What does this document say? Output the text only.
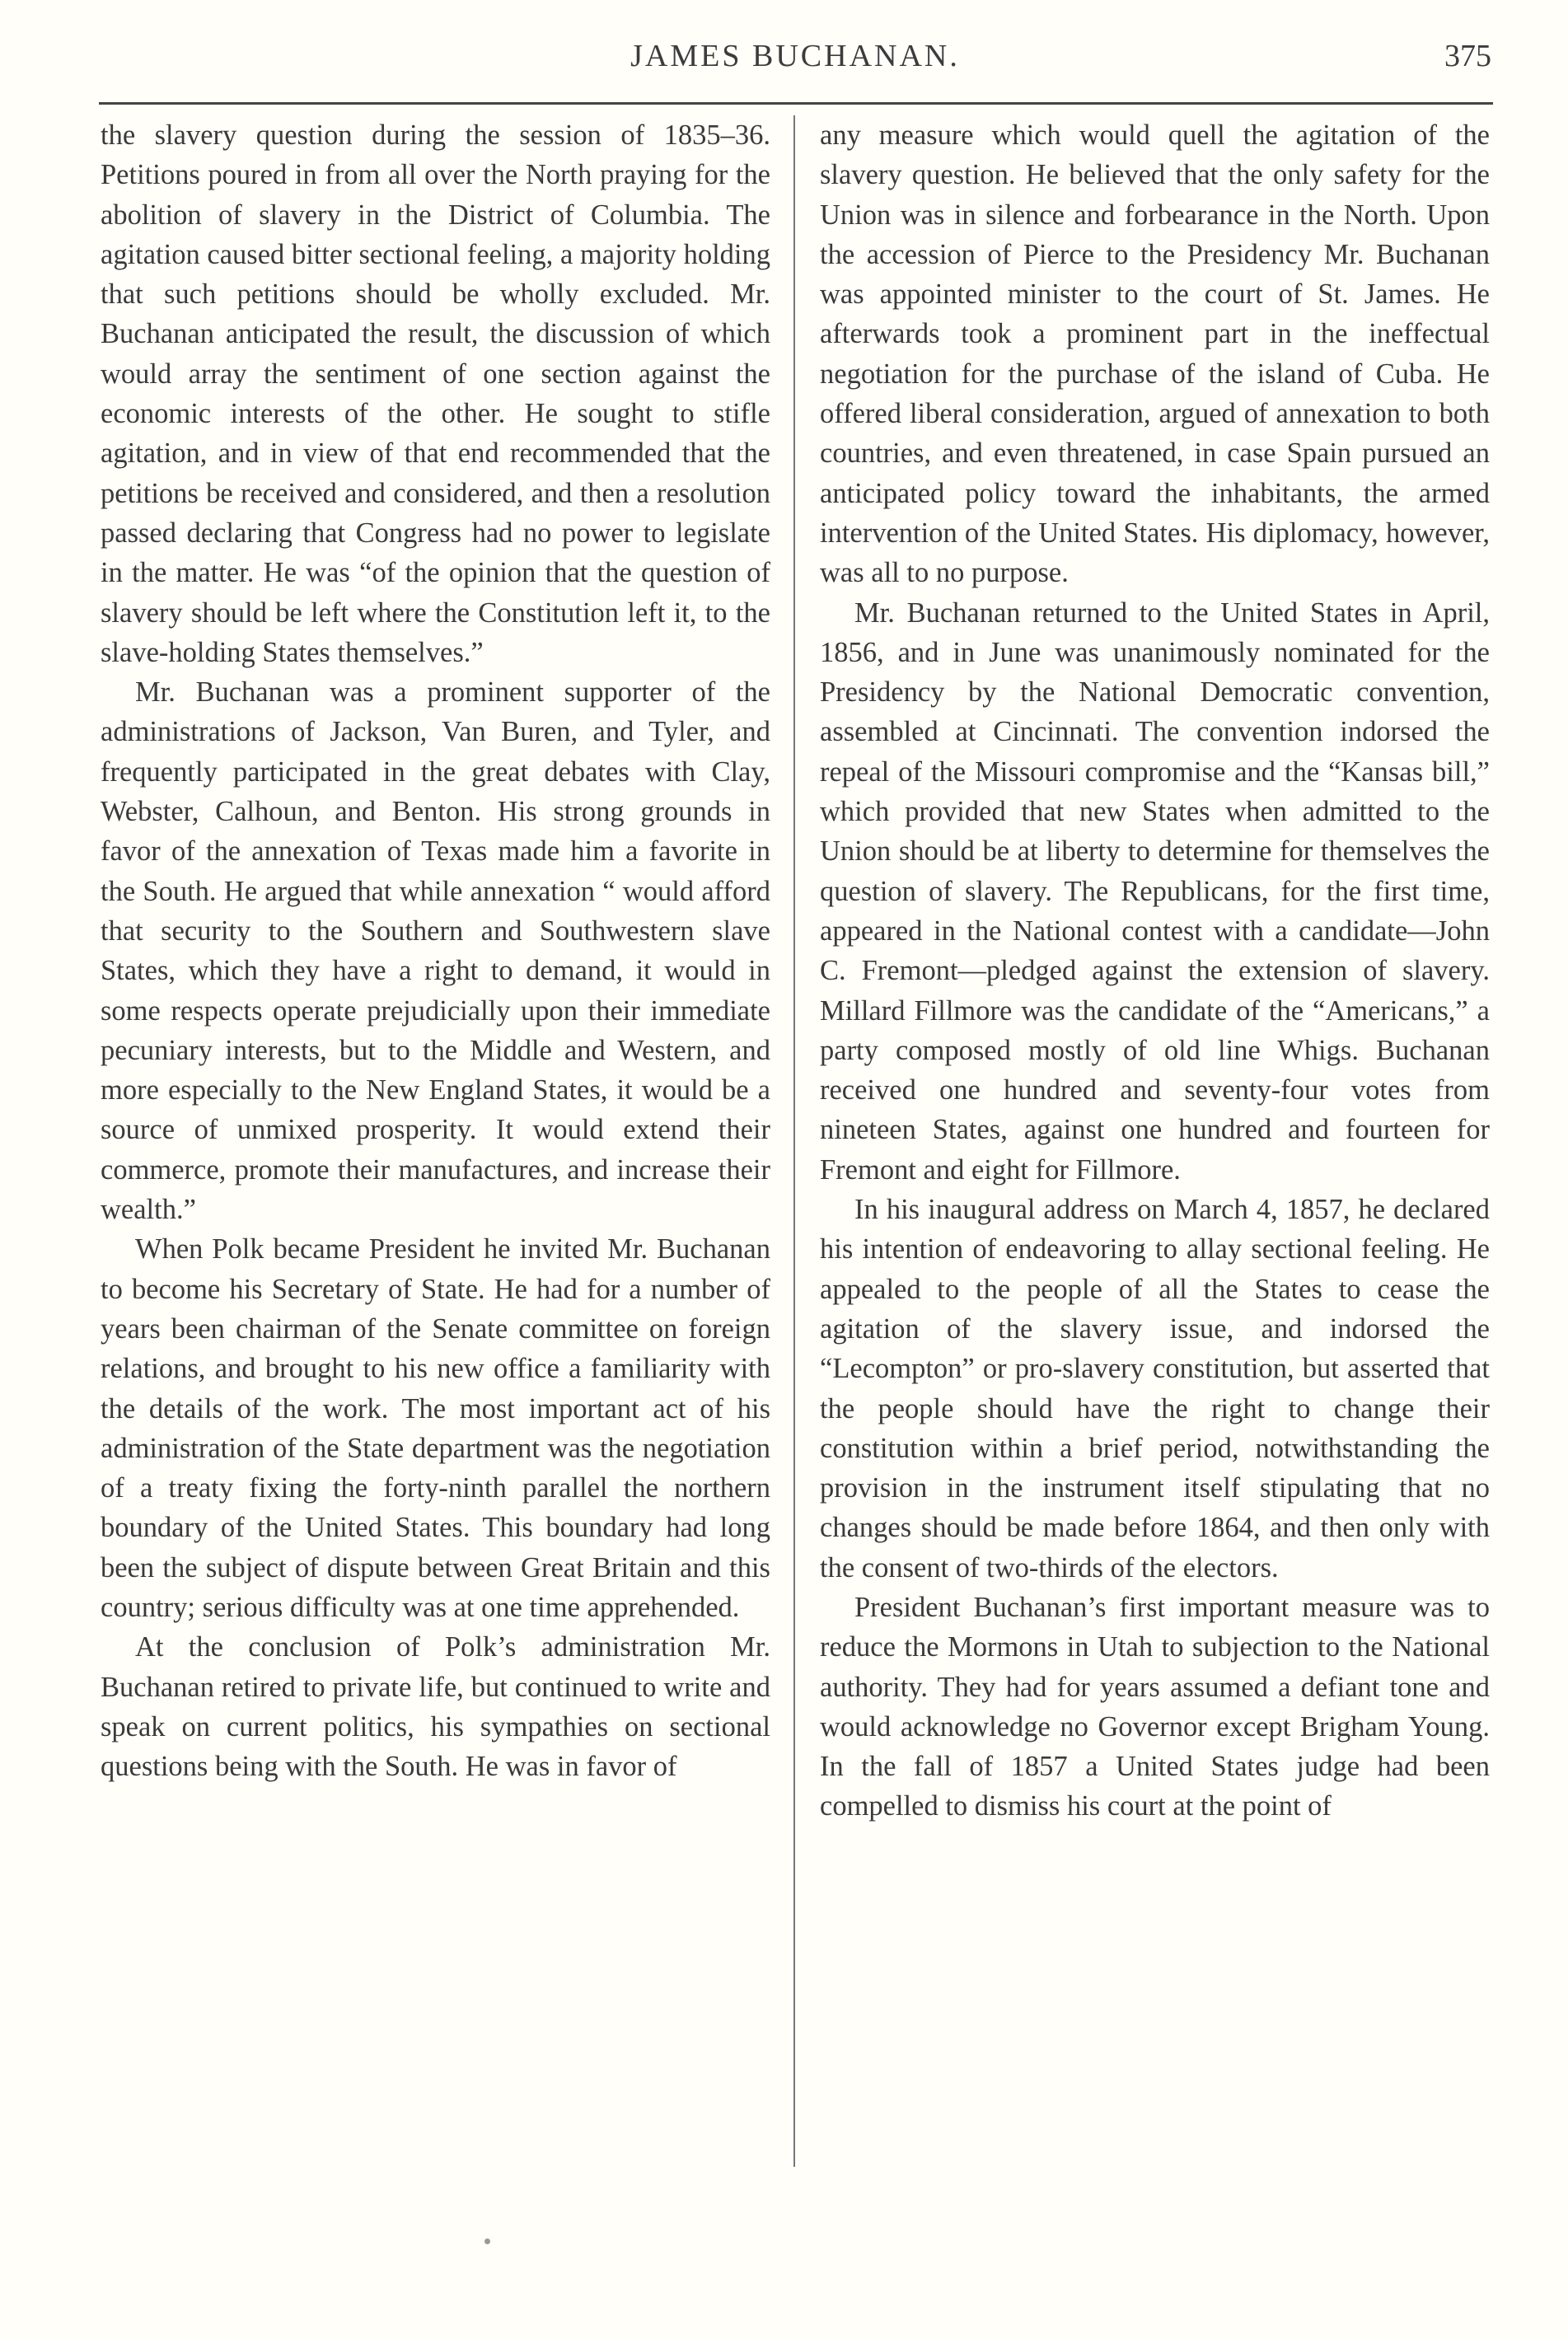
JAMES BUCHANAN.	375

the slavery question during the session of 1835–36. Petitions poured in from all over the North praying for the abolition of slavery in the District of Columbia. The agitation caused bitter sectional feeling, a majority holding that such petitions should be wholly excluded. Mr. Buchanan anticipated the result, the discussion of which would array the sentiment of one section against the economic interests of the other. He sought to stifle agitation, and in view of that end recommended that the petitions be received and considered, and then a resolution passed declaring that Congress had no power to legislate in the matter. He was “of the opinion that the question of slavery should be left where the Constitution left it, to the slave-holding States themselves.”

Mr. Buchanan was a prominent supporter of the administrations of Jackson, Van Buren, and Tyler, and frequently participated in the great debates with Clay, Webster, Calhoun, and Benton. His strong grounds in favor of the annexation of Texas made him a favorite in the South. He argued that while annexation “ would afford that security to the Southern and Southwestern slave States, which they have a right to demand, it would in some respects operate prejudicially upon their immediate pecuniary interests, but to the Middle and Western, and more especially to the New England States, it would be a source of unmixed prosperity. It would extend their commerce, promote their manufactures, and increase their wealth.”

When Polk became President he invited Mr. Buchanan to become his Secretary of State. He had for a number of years been chairman of the Senate committee on foreign relations, and brought to his new office a familiarity with the details of the work. The most important act of his administration of the State department was the negotiation of a treaty fixing the forty-ninth parallel the northern boundary of the United States. This boundary had long been the subject of dispute between Great Britain and this country; serious difficulty was at one time apprehended.

At the conclusion of Polk’s administration Mr. Buchanan retired to private life, but continued to write and speak on current politics, his sympathies on sectional questions being with the South. He was in favor of

any measure which would quell the agitation of the slavery question. He believed that the only safety for the Union was in silence and forbearance in the North. Upon the accession of Pierce to the Presidency Mr. Buchanan was appointed minister to the court of St. James. He afterwards took a prominent part in the ineffectual negotiation for the purchase of the island of Cuba. He offered liberal consideration, argued of annexation to both countries, and even threatened, in case Spain pursued an anticipated policy toward the inhabitants, the armed intervention of the United States. His diplomacy, however, was all to no purpose.

Mr. Buchanan returned to the United States in April, 1856, and in June was unanimously nominated for the Presidency by the National Democratic convention, assembled at Cincinnati. The convention indorsed the repeal of the Missouri compromise and the “Kansas bill,” which provided that new States when admitted to the Union should be at liberty to determine for themselves the question of slavery. The Republicans, for the first time, appeared in the National contest with a candidate—John C. Fremont—pledged against the extension of slavery. Millard Fillmore was the candidate of the “Americans,” a party composed mostly of old line Whigs. Buchanan received one hundred and seventy-four votes from nineteen States, against one hundred and fourteen for Fremont and eight for Fillmore.

In his inaugural address on March 4, 1857, he declared his intention of endeavoring to allay sectional feeling. He appealed to the people of all the States to cease the agitation of the slavery issue, and indorsed the “Lecompton” or pro-slavery constitution, but asserted that the people should have the right to change their constitution within a brief period, notwithstanding the provision in the instrument itself stipulating that no changes should be made before 1864, and then only with the consent of two-thirds of the electors.

President Buchanan’s first important measure was to reduce the Mormons in Utah to subjection to the National authority. They had for years assumed a defiant tone and would acknowledge no Governor except Brigham Young. In the fall of 1857 a United States judge had been compelled to dismiss his court at the point of
